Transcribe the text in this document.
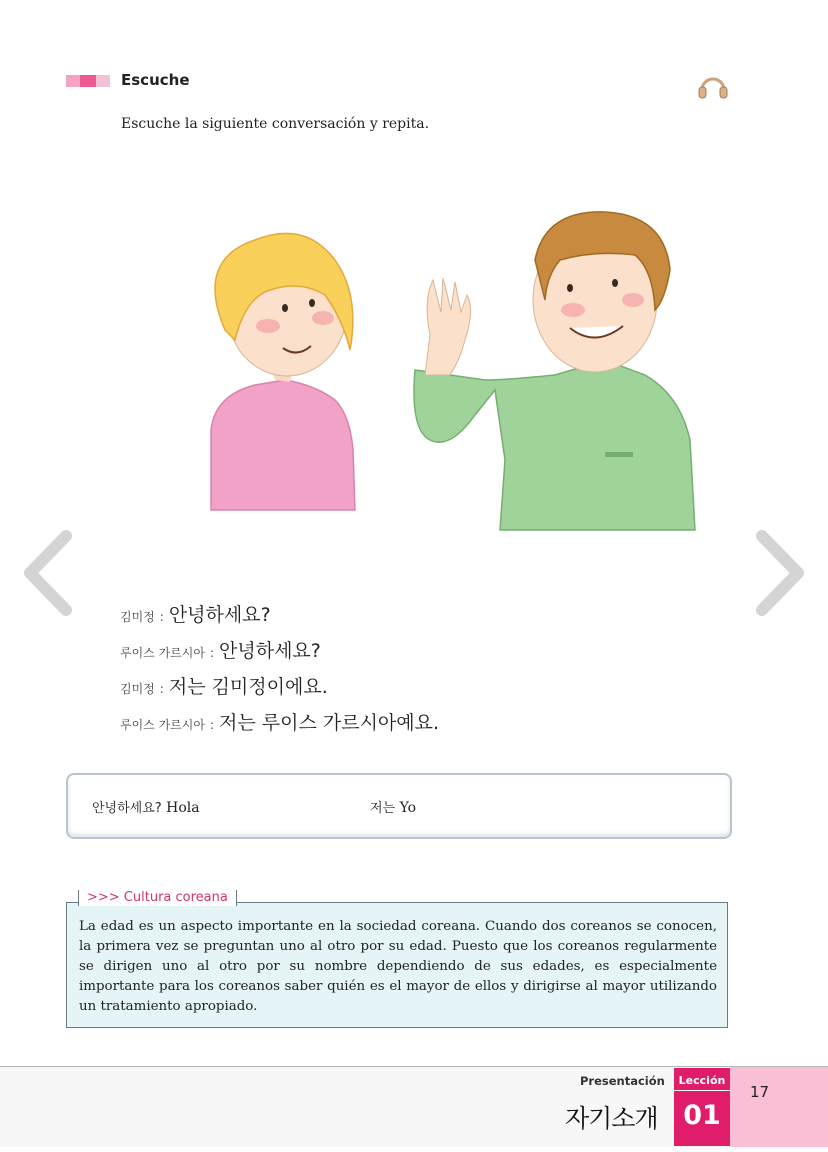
Escuche
Escuche la siguiente conversación y repita.
김미정 : 안녕하세요?
루이스 가르시아 : 안녕하세요?
김미정 : 저는 김미정이에요.
루이스 가르시아 : 저는 루이스 가르시아예요.
안녕하세요? Hola	저는 Yo
>>> Cultura coreana

La edad es un aspecto importante en la sociedad coreana. Cuando dos coreanos se conocen, la primera vez se preguntan uno al otro por su edad. Puesto que los coreanos regularmente se dirigen uno al otro por su nombre dependiendo de sus edades, es especialmente importante para los coreanos saber quién es el mayor de ellos y dirigirse al mayor utilizando un tratamiento apropiado.

Presentación
자기소개
Lección
01
17
